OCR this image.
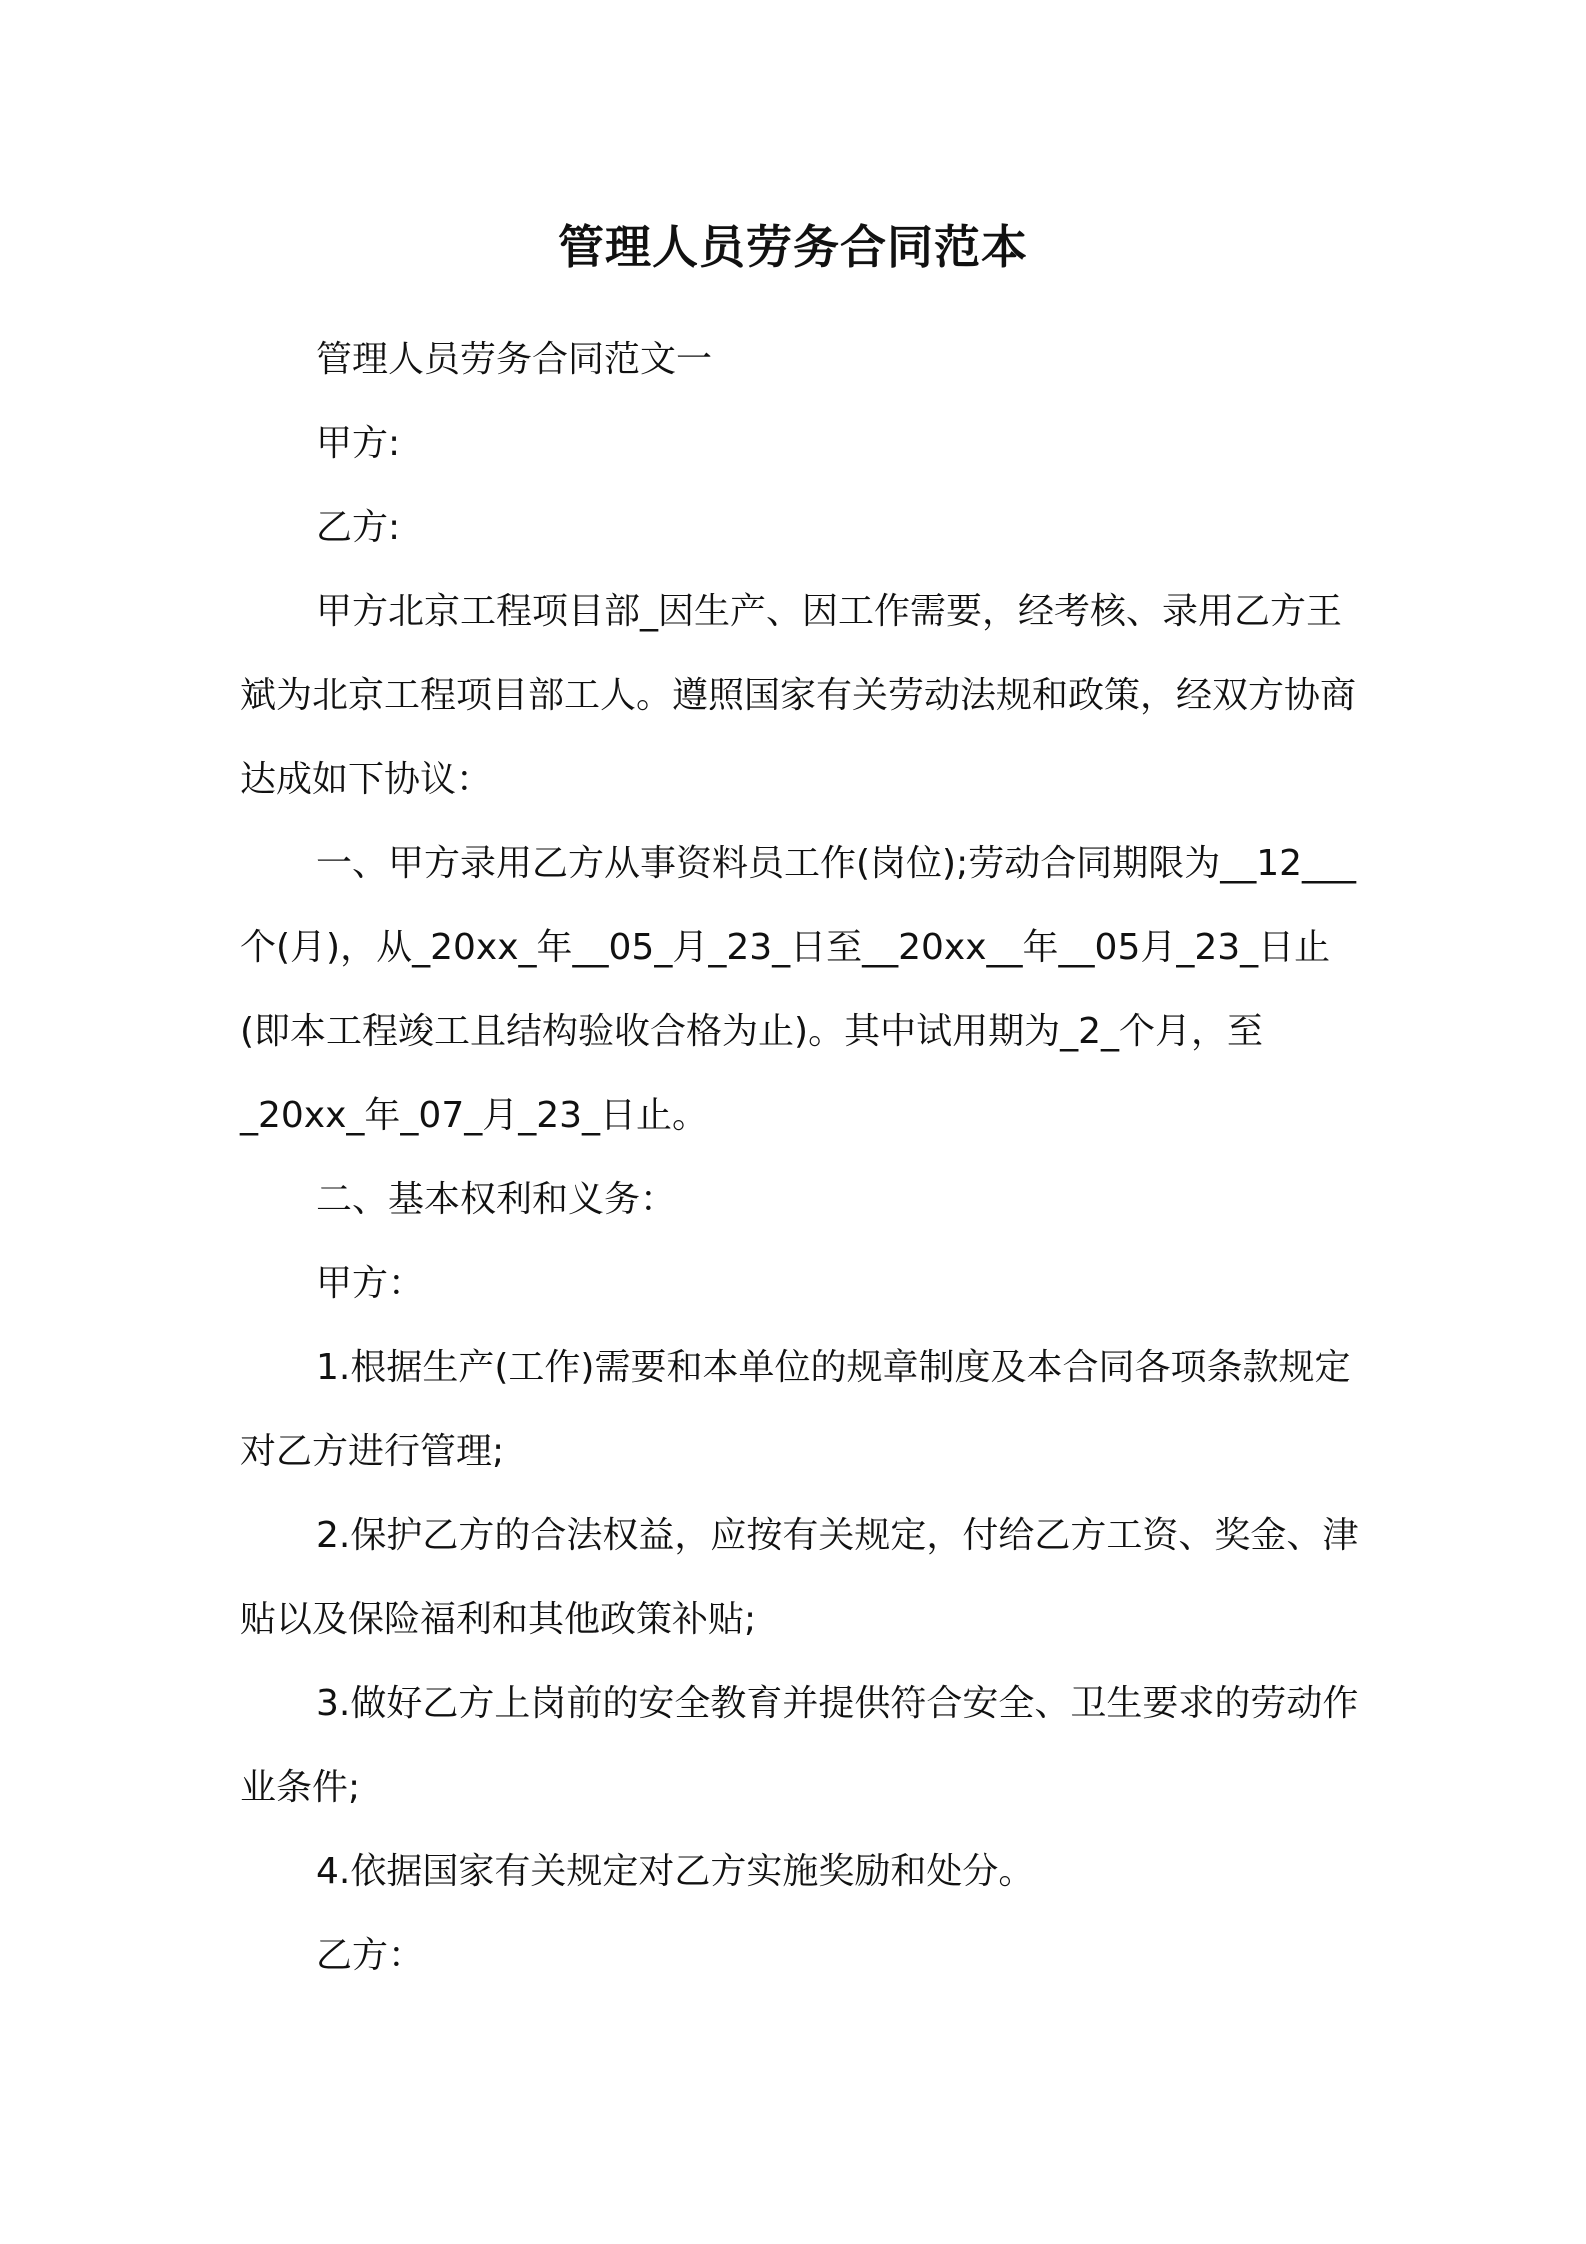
管理人员劳务合同范本

管理人员劳务合同范文一

甲方:

乙方:

甲方北京工程项目部_因生产、因工作需要，经考核、录用乙方王斌为北京工程项目部工人。遵照国家有关劳动法规和政策，经双方协商达成如下协议：

一、甲方录用乙方从事资料员工作(岗位);劳动合同期限为__12___个(月)，从_20xx_年__05_月_23_日至__20xx__年__05月_23_日止(即本工程竣工且结构验收合格为止)。其中试用期为_2_个月，至_20xx_年_07_月_23_日止。

二、基本权利和义务：

甲方：

1.根据生产(工作)需要和本单位的规章制度及本合同各项条款规定对乙方进行管理;

2.保护乙方的合法权益，应按有关规定，付给乙方工资、奖金、津贴以及保险福利和其他政策补贴;

3.做好乙方上岗前的安全教育并提供符合安全、卫生要求的劳动作业条件;

4.依据国家有关规定对乙方实施奖励和处分。

乙方：
